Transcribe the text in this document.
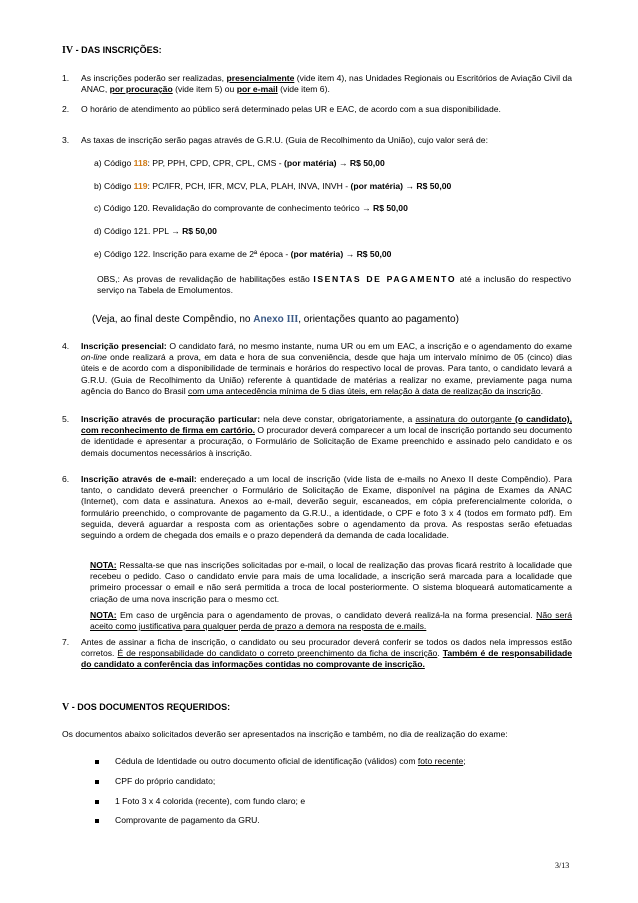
IV - DAS INSCRIÇÕES:
1. As inscrições poderão ser realizadas, presencialmente (vide item 4), nas Unidades Regionais ou Escritórios de Aviação Civil da ANAC, por procuração (vide item 5) ou por e-mail (vide item 6).
2. O horário de atendimento ao público será determinado pelas UR e EAC, de acordo com a sua disponibilidade.
3. As taxas de inscrição serão pagas através de G.R.U. (Guia de Recolhimento da União), cujo valor será de:
a) Código 118: PP, PPH, CPD, CPR, CPL, CMS - (por matéria) → R$ 50,00
b) Código 119: PC/IFR, PCH, IFR, MCV, PLA, PLAH, INVA, INVH - (por matéria) → R$ 50,00
c) Código 120. Revalidação do comprovante de conhecimento teórico → R$ 50,00
d) Código 121. PPL → R$ 50,00
e) Código 122. Inscrição para exame de 2ª época - (por matéria) → R$ 50,00
OBS,: As provas de revalidação de habilitações estão ISENTAS DE PAGAMENTO até a inclusão do respectivo serviço na Tabela de Emolumentos.
(Veja, ao final deste Compêndio, no Anexo III, orientações quanto ao pagamento)
4. Inscrição presencial: O candidato fará, no mesmo instante, numa UR ou em um EAC, a inscrição e o agendamento do exame on-line onde realizará a prova, em data e hora de sua conveniência, desde que haja um intervalo mínimo de 05 (cinco) dias úteis e de acordo com a disponibilidade de terminais e horários do respectivo local de provas. Para tanto, o candidato levará a G.R.U. (Guia de Recolhimento da União) referente à quantidade de matérias a realizar no exame, previamente paga numa agência do Banco do Brasil com uma antecedência mínima de 5 dias úteis, em relação à data de realização da inscrição.
5. Inscrição através de procuração particular: nela deve constar, obrigatoriamente, a assinatura do outorgante (o candidato), com reconhecimento de firma em cartório. O procurador deverá comparecer a um local de inscrição portando seu documento de identidade e apresentar a procuração, o Formulário de Solicitação de Exame preenchido e assinado pelo candidato e os demais documentos necessários à inscrição.
6. Inscrição através de e-mail: endereçado a um local de inscrição (vide lista de e-mails no Anexo II deste Compêndio). Para tanto, o candidato deverá preencher o Formulário de Solicitação de Exame, disponível na página de Exames da ANAC (Internet), com data e assinatura. Anexos ao e-mail, deverão seguir, escaneados, em cópia preferencialmente colorida, o formulário preenchido, o comprovante de pagamento da G.R.U., a identidade, o CPF e foto 3 x 4 (todos em formato pdf). Em seguida, deverá aguardar a resposta com as orientações sobre o agendamento da prova. As respostas serão efetuadas seguindo a ordem de chegada dos emails e o prazo dependerá da demanda de cada localidade.
NOTA: Ressalta-se que nas inscrições solicitadas por e-mail, o local de realização das provas ficará restrito à localidade que recebeu o pedido. Caso o candidato envie para mais de uma localidade, a inscrição será marcada para a localidade que primeiro processar o email e não será permitida a troca de local posteriormente. O sistema bloqueará automaticamente a criação de uma nova inscrição para o mesmo cct.
NOTA: Em caso de urgência para o agendamento de provas, o candidato deverá realizá-la na forma presencial. Não será aceito como justificativa para qualquer perda de prazo a demora na resposta de e.mails.
7. Antes de assinar a ficha de inscrição, o candidato ou seu procurador deverá conferir se todos os dados nela impressos estão corretos. É de responsabilidade do candidato o correto preenchimento da ficha de inscrição. Também é de responsabilidade do candidato a conferência das informações contidas no comprovante de inscrição.
V - DOS DOCUMENTOS REQUERIDOS:
Os documentos abaixo solicitados deverão ser apresentados na inscrição e também, no dia de realização do exame:
Cédula de Identidade ou outro documento oficial de identificação (válidos) com foto recente;
CPF do próprio candidato;
1 Foto 3 x 4 colorida (recente), com fundo claro; e
Comprovante de pagamento da GRU.
3/13
